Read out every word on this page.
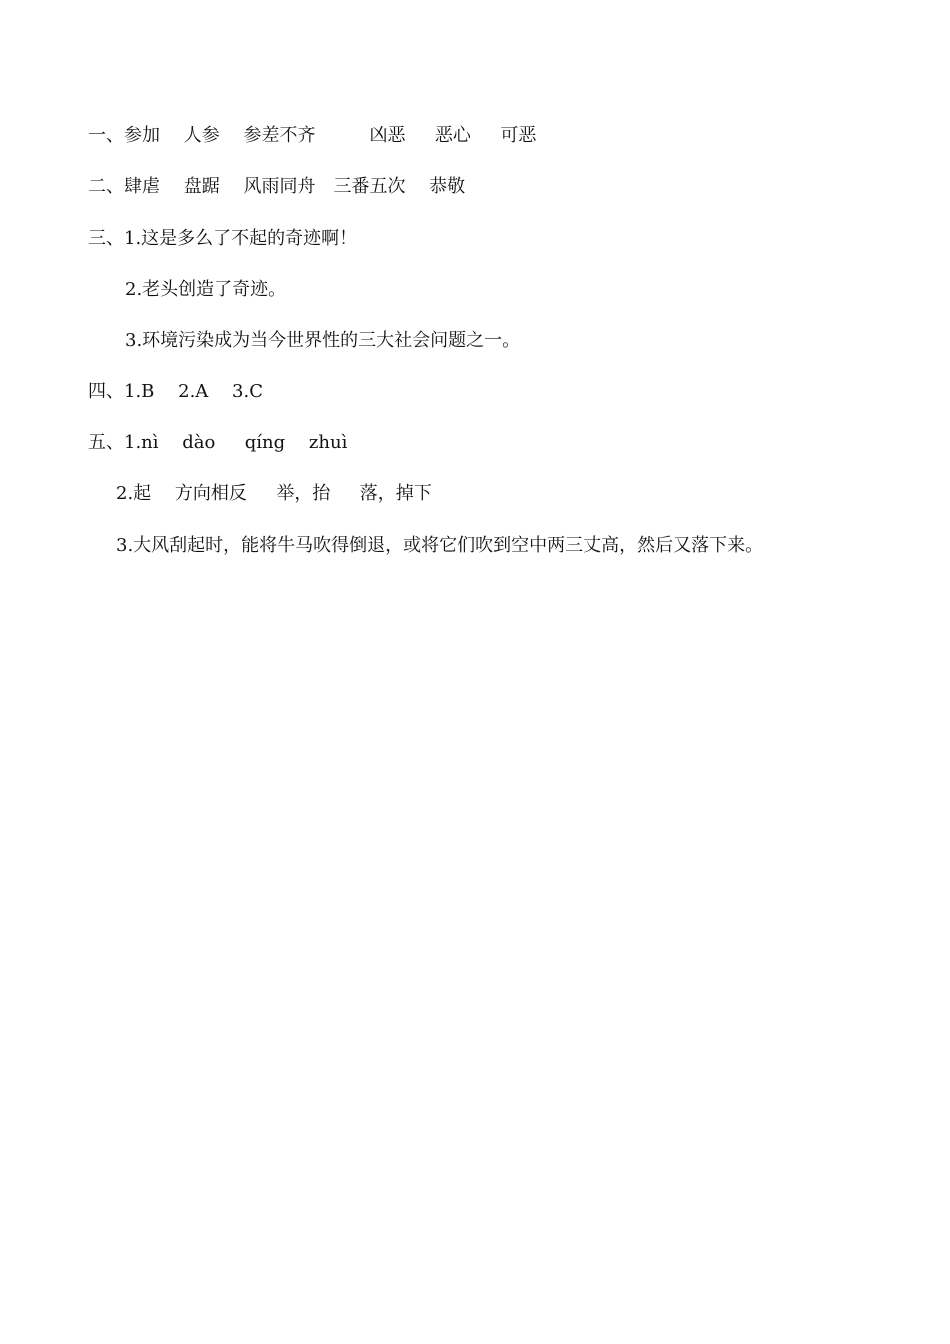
一、参加　 人参　 参差不齐　　　凶恶　  恶心　  可恶
二、肆虐　 盘踞　 风雨同舟　三番五次　 恭敬
三、1.这是多么了不起的奇迹啊！
2.老头创造了奇迹。
3.环境污染成为当今世界性的三大社会问题之一。
四、1.B　 2.A　 3.C
五、1.nì　 dào　  qíng　 zhuì
2.起　 方向相反　  举，抬　  落，掉下
3.大风刮起时，能将牛马吹得倒退，或将它们吹到空中两三丈高，然后又落下来。
